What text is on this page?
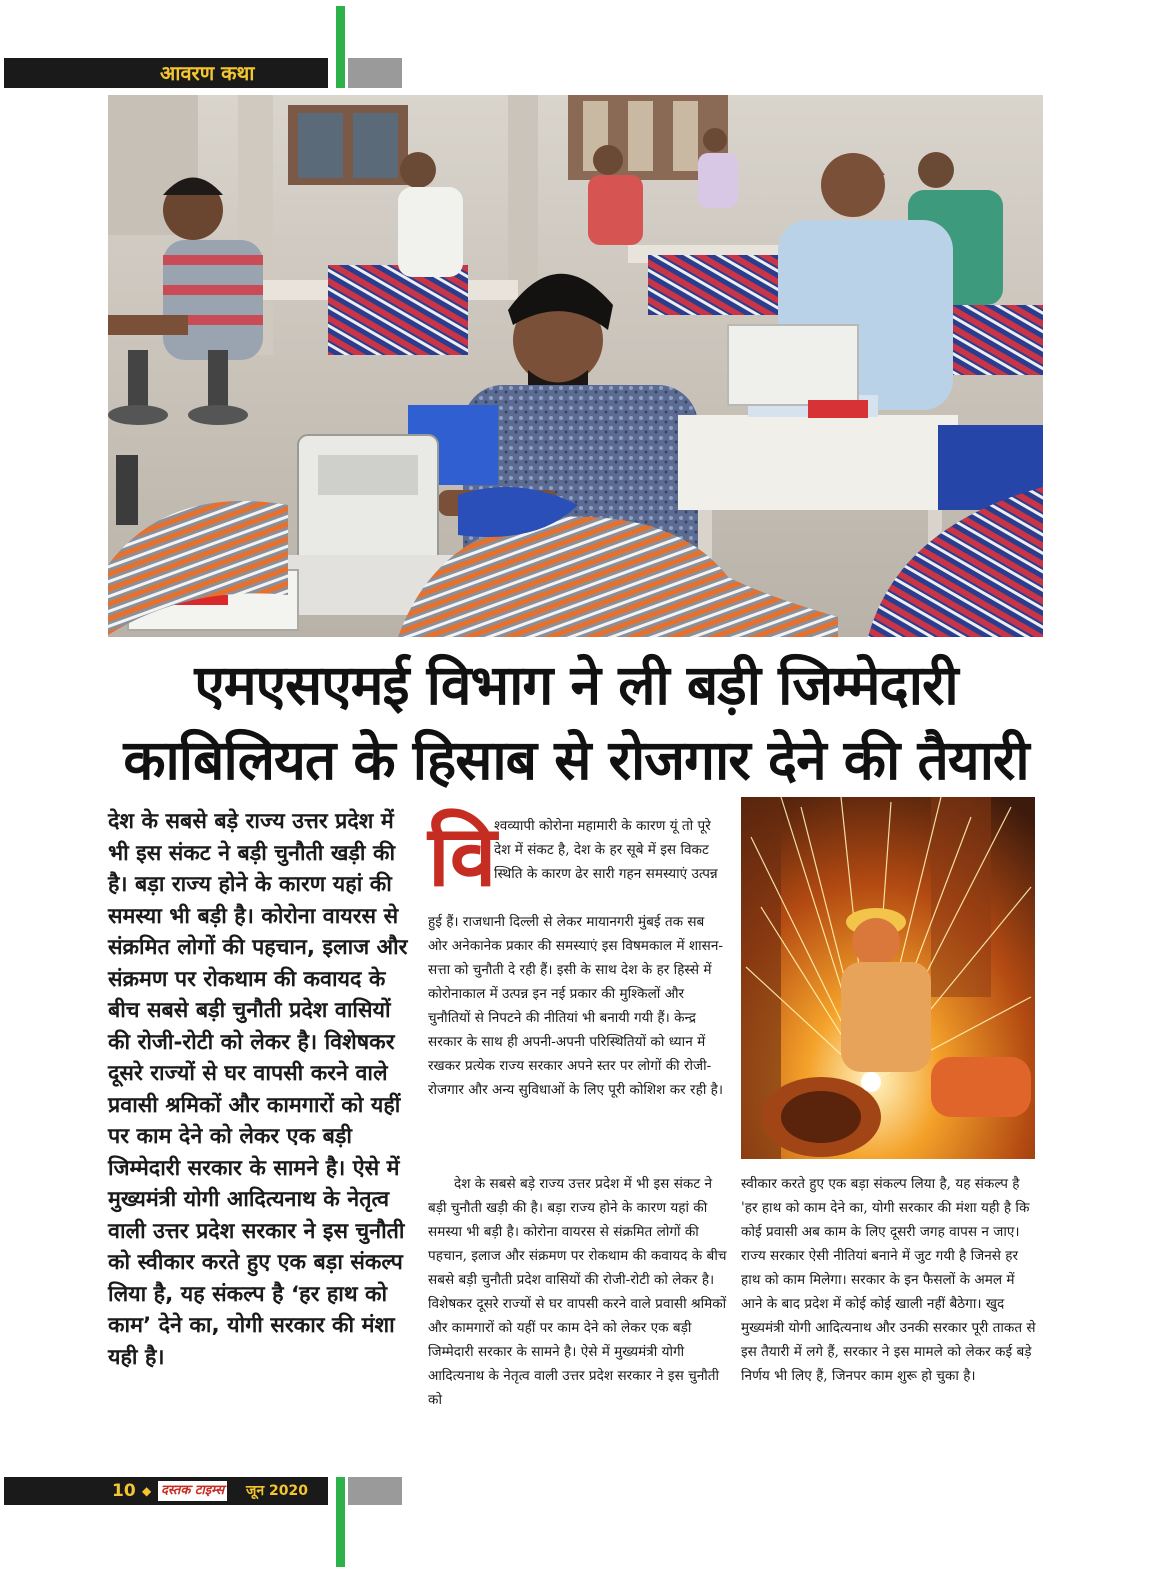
आवरण कथा
एमएसएमई विभाग ने ली बड़ी जिम्मेदारी
काबिलियत के हिसाब से रोजगार देने की तैयारी
देश के सबसे बड़े राज्य उत्तर प्रदेश में भी इस संकट ने बड़ी चुनौती खड़ी की है। बड़ा राज्य होने के कारण यहां की समस्या भी बड़ी है। कोरोना वायरस से संक्रमित लोगों की पहचान, इलाज और संक्रमण पर रोकथाम की कवायद के बीच सबसे बड़ी चुनौती प्रदेश वासियों की रोजी-रोटी को लेकर है। विशेषकर दूसरे राज्यों से घर वापसी करने वाले प्रवासी श्रमिकों और कामगारों को यहीं पर काम देने को लेकर एक बड़ी जिम्मेदारी सरकार के सामने है। ऐसे में मुख्यमंत्री योगी आदित्यनाथ के नेतृत्व वाली उत्तर प्रदेश सरकार ने इस चुनौती को स्वीकार करते हुए एक बड़ा संकल्प लिया है, यह संकल्प है ‘हर हाथ को काम’ देने का, योगी सरकार की मंशा यही है।
वि
श्वव्यापी कोरोना महामारी के कारण यूं तो पूरे देश में संकट है, देश के हर सूबे में इस विकट स्थिति के कारण ढेर सारी गहन समस्याएं उत्पन्न
हुई हैं। राजधानी दिल्ली से लेकर मायानगरी मुंबई तक सब ओर अनेकानेक प्रकार की समस्याएं इस विषमकाल में शासन-सत्ता को चुनौती दे रही हैं। इसी के साथ देश के हर हिस्से में कोरोनाकाल में उत्पन्न इन नई प्रकार की मुश्किलों और चुनौतियों से निपटने की नीतियां भी बनायी गयी हैं। केन्द्र सरकार के साथ ही अपनी-अपनी परिस्थितियों को ध्यान में रखकर प्रत्येक राज्य सरकार अपने स्तर पर लोगों की रोजी-रोजगार और अन्य सुविधाओं के लिए पूरी कोशिश कर रही है।
देश के सबसे बड़े राज्य उत्तर प्रदेश में भी इस संकट ने बड़ी चुनौती खड़ी की है। बड़ा राज्य होने के कारण यहां की समस्या भी बड़ी है। कोरोना वायरस से संक्रमित लोगों की पहचान, इलाज और संक्रमण पर रोकथाम की कवायद के बीच सबसे बड़ी चुनौती प्रदेश वासियों की रोजी-रोटी को लेकर है। विशेषकर दूसरे राज्यों से घर वापसी करने वाले प्रवासी श्रमिकों और कामगारों को यहीं पर काम देने को लेकर एक बड़ी जिम्मेदारी सरकार के सामने है। ऐसे में मुख्यमंत्री योगी आदित्यनाथ के नेतृत्व वाली उत्तर प्रदेश सरकार ने इस चुनौती को
स्वीकार करते हुए एक बड़ा संकल्प लिया है, यह संकल्प है 'हर हाथ को काम देने का, योगी सरकार की मंशा यही है कि कोई प्रवासी अब काम के लिए दूसरी जगह वापस न जाए। राज्य सरकार ऐसी नीतियां बनाने में जुट गयी है जिनसे हर हाथ को काम मिलेगा। सरकार के इन फैसलों के अमल में आने के बाद प्रदेश में कोई कोई खाली नहीं बैठेगा। खुद मुख्यमंत्री योगी आदित्यनाथ और उनकी सरकार पूरी ताकत से इस तैयारी में लगे हैं, सरकार ने इस मामले को लेकर कई बड़े निर्णय भी लिए हैं, जिनपर काम शुरू हो चुका है।
10 ◆ दस्तक टाइम्स जून 2020
